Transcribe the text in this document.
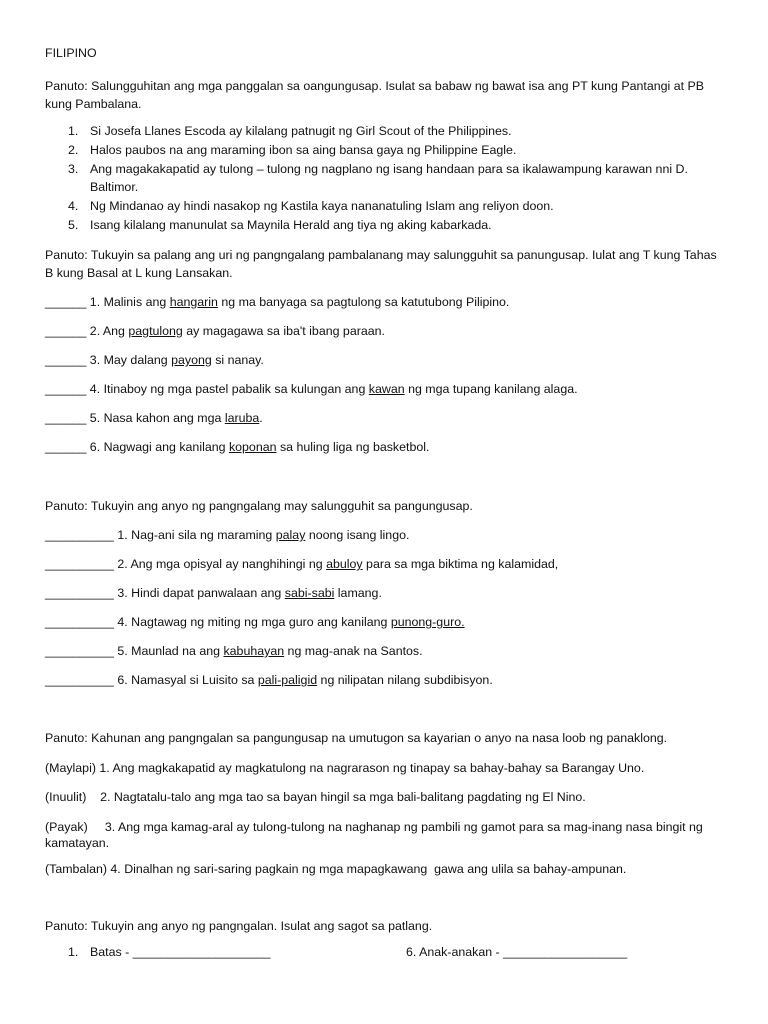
FILIPINO
Panuto: Salungguhitan ang mga panggalan sa oangungusap. Isulat sa babaw ng bawat isa ang PT kung Pantangi at PB kung Pambalana.
1. Si Josefa Llanes Escoda ay kilalang patnugit ng Girl Scout of the Philippines.
2. Halos paubos na ang maraming ibon sa aing bansa gaya ng Philippine Eagle.
3. Ang magakakapatid ay tulong – tulong ng nagplano ng isang handaan para sa ikalawampung karawan nni D.
Baltimor.
4. Ng Mindanao ay hindi nasakop ng Kastila kaya nananatuling Islam ang reliyon doon.
5. Isang kilalang manunulat sa Maynila Herald ang tiya ng aking kabarkada.
Panuto: Tukuyin sa palang ang uri ng pangngalang pambalanang may salungguhit sa panungusap. Iulat ang T kung Tahas B kung Basal at L kung Lansakan.
______ 1. Malinis ang hangarin ng ma banyaga sa pagtulong sa katutubong Pilipino.
______ 2. Ang pagtulong ay magagawa sa iba't ibang paraan.
______ 3. May dalang payong si nanay.
______ 4. Itinaboy ng mga pastel pabalik sa kulungan ang kawan ng mga tupang kanilang alaga.
______ 5. Nasa kahon ang mga laruba.
______ 6. Nagwagi ang kanilang koponan sa huling liga ng basketbol.
Panuto: Tukuyin ang anyo ng pangngalang may salungguhit sa pangungusap.
__________ 1. Nag-ani sila ng maraming palay noong isang lingo.
__________ 2. Ang mga opisyal ay nanghihingi ng abuloy para sa mga biktima ng kalamidad,
__________ 3. Hindi dapat panwalaan ang sabi-sabi lamang.
__________ 4. Nagtawag ng miting ng mga guro ang kanilang punong-guro.
__________ 5. Maunlad na ang kabuhayan ng mag-anak na Santos.
__________ 6. Namasyal si Luisito sa pali-paligid ng nilipatan nilang subdibisyon.
Panuto: Kahunan ang pangngalan sa pangungusap na umutugon sa kayarian o anyo na nasa loob ng panaklong.
(Maylapi) 1. Ang magkakapatid ay magkatulong na nagrarason ng tinapay sa bahay-bahay sa Barangay Uno.
(Inuulit)    2. Nagtatalu-talo ang mga tao sa bayan hingil sa mga bali-balitang pagdating ng El Nino.
(Payak)     3. Ang mga kamag-aral ay tulong-tulong na naghanap ng pambili ng gamot para sa mag-inang nasa bingit ng kamatayan.
(Tambalan) 4. Dinalhan ng sari-saring pagkain ng mga mapagkawang  gawa ang ulila sa bahay-ampunan.
Panuto: Tukuyin ang anyo ng pangngalan. Isulat ang sagot sa patlang.
1. Batas - ____________________	6. Anak-anakan - __________________
